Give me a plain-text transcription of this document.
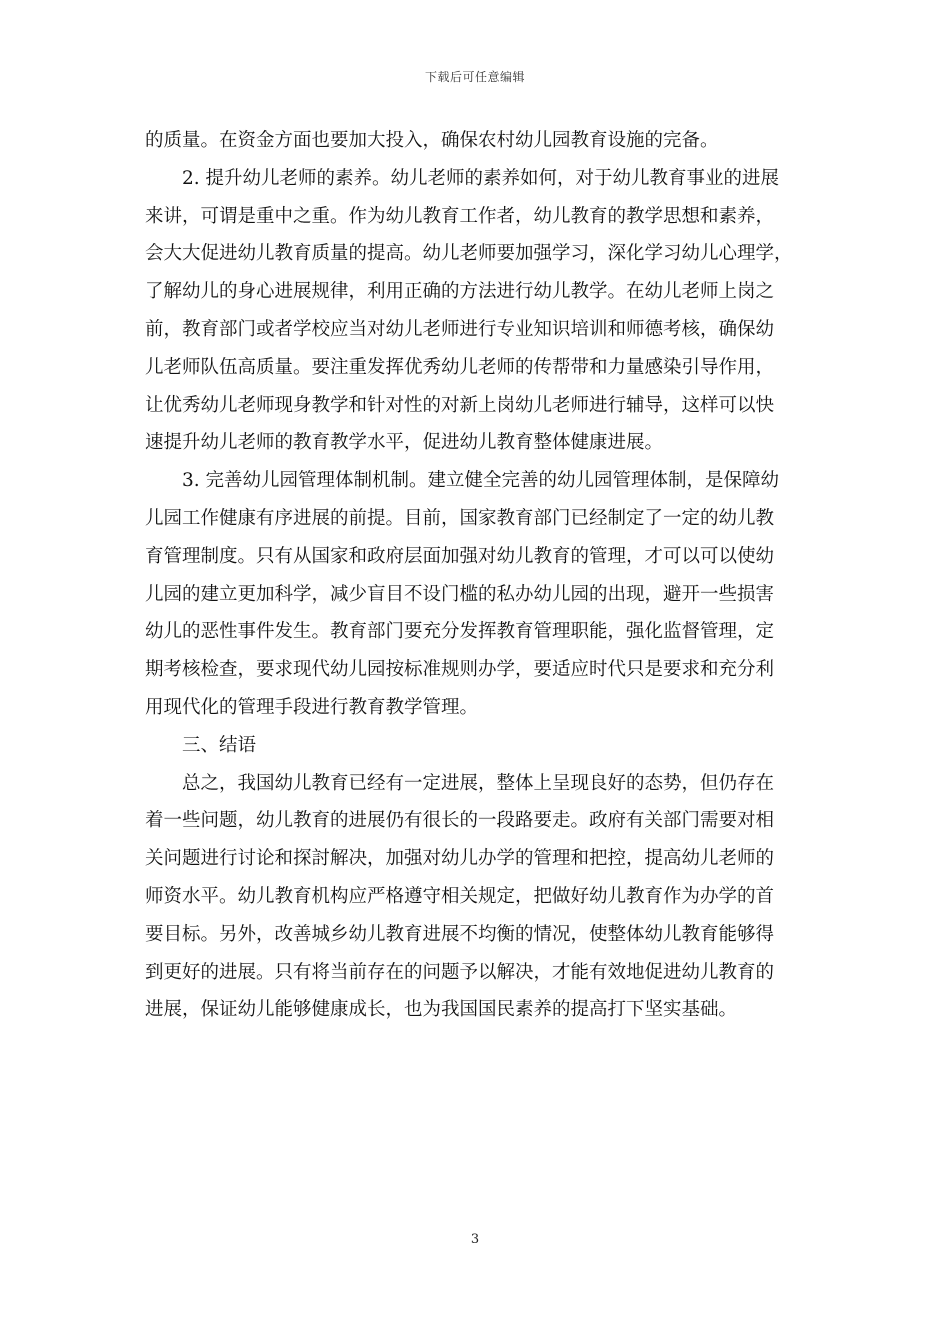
下载后可任意编辑
的质量。在资金方面也要加大投入，确保农村幼儿园教育设施的完备。
2. 提升幼儿老师的素养。幼儿老师的素养如何，对于幼儿教育事业的进展
来讲，可谓是重中之重。作为幼儿教育工作者，幼儿教育的教学思想和素养，
会大大促进幼儿教育质量的提高。幼儿老师要加强学习，深化学习幼儿心理学，
了解幼儿的身心进展规律，利用正确的方法进行幼儿教学。在幼儿老师上岗之
前，教育部门或者学校应当对幼儿老师进行专业知识培训和师德考核，确保幼
儿老师队伍高质量。要注重发挥优秀幼儿老师的传帮带和力量感染引导作用，
让优秀幼儿老师现身教学和针对性的对新上岗幼儿老师进行辅导，这样可以快
速提升幼儿老师的教育教学水平，促进幼儿教育整体健康进展。
3. 完善幼儿园管理体制机制。建立健全完善的幼儿园管理体制，是保障幼
儿园工作健康有序进展的前提。目前，国家教育部门已经制定了一定的幼儿教
育管理制度。只有从国家和政府层面加强对幼儿教育的管理，才可以可以使幼
儿园的建立更加科学，减少盲目不设门槛的私办幼儿园的出现，避开一些损害
幼儿的恶性事件发生。教育部门要充分发挥教育管理职能，强化监督管理，定
期考核检查，要求现代幼儿园按标准规则办学，要适应时代只是要求和充分利
用现代化的管理手段进行教育教学管理。
三、结语
总之，我国幼儿教育已经有一定进展，整体上呈现良好的态势，但仍存在
着一些问题，幼儿教育的进展仍有很长的一段路要走。政府有关部门需要对相
关问题进行讨论和探討解决，加强对幼儿办学的管理和把控，提高幼儿老师的
师资水平。幼儿教育机构应严格遵守相关规定，把做好幼儿教育作为办学的首
要目标。另外，改善城乡幼儿教育进展不均衡的情况，使整体幼儿教育能够得
到更好的进展。只有将当前存在的问题予以解决，才能有效地促进幼儿教育的
进展，保证幼儿能够健康成长，也为我国国民素养的提高打下坚实基础。
3
